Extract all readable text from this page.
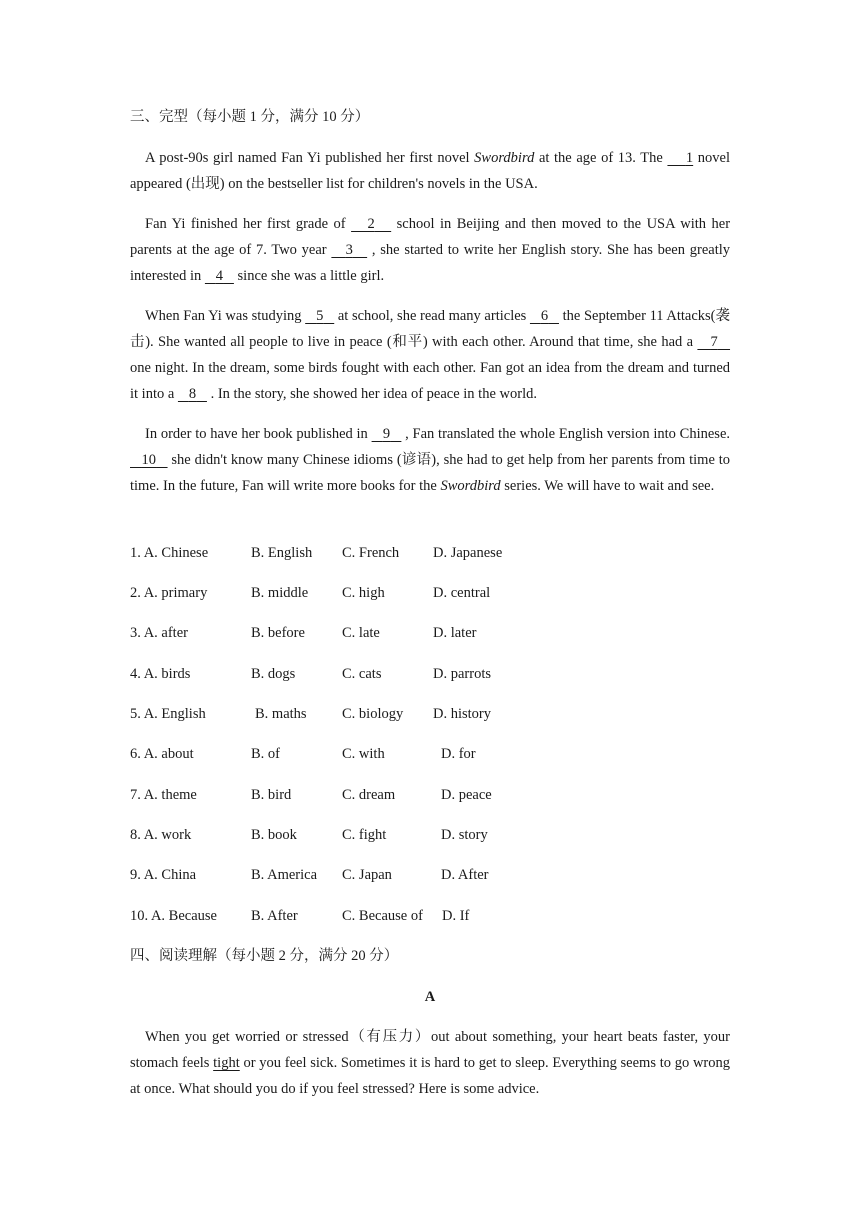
三、完型（每小题 1 分，满分 10 分）
A post-90s girl named Fan Yi published her first novel Swordbird at the age of 13. The     1 novel appeared (出现) on the bestseller list for children's novels in the USA.
Fan Yi finished her first grade of    2    school in Beijing and then moved to the USA with her parents at the age of 7. Two year    3    , she started to write her English story. She has been greatly interested in    4    since she was a little girl.
When Fan Yi was studying    5    at school, she read many articles    6    the September 11 Attacks(袭击). She wanted all people to live in peace (和平) with each other. Around that time, she had a    7    one night. In the dream, some birds fought with each other. Fan got an idea from the dream and turned it into a    8    . In the story, she showed her idea of peace in the world.
In order to have her book published in    9    , Fan translated the whole English version into Chinese.    10    she didn't know many Chinese idioms (谚语), she had to get help from her parents from time to time. In the future, Fan will write more books for the Swordbird series. We will have to wait and see.
1. A. Chinese	B. English C. French D. Japanese
2. A. primary	B. middle C. high	D. central
3. A. after	B. before	C. late	D. later
4. A. birds	B. dogs	C. cats	D. parrots
5. A. English	B. maths C. biology D. history
6. A. about	B. of	C. with	D. for
7. A. theme	B. bird	C. dream	D. peace
8. A. work	B. book	C. fight	D. story
9. A. China	B. America C. Japan	D. After
10. A. Because B. After	C. Because of D. If
四、阅读理解（每小题 2 分，满分 20 分）
A
When you get worried or stressed（有压力）out about something, your heart beats faster, your stomach feels tight or you feel sick. Sometimes it is hard to get to sleep. Everything seems to go wrong at once. What should you do if you feel stressed? Here is some advice.
